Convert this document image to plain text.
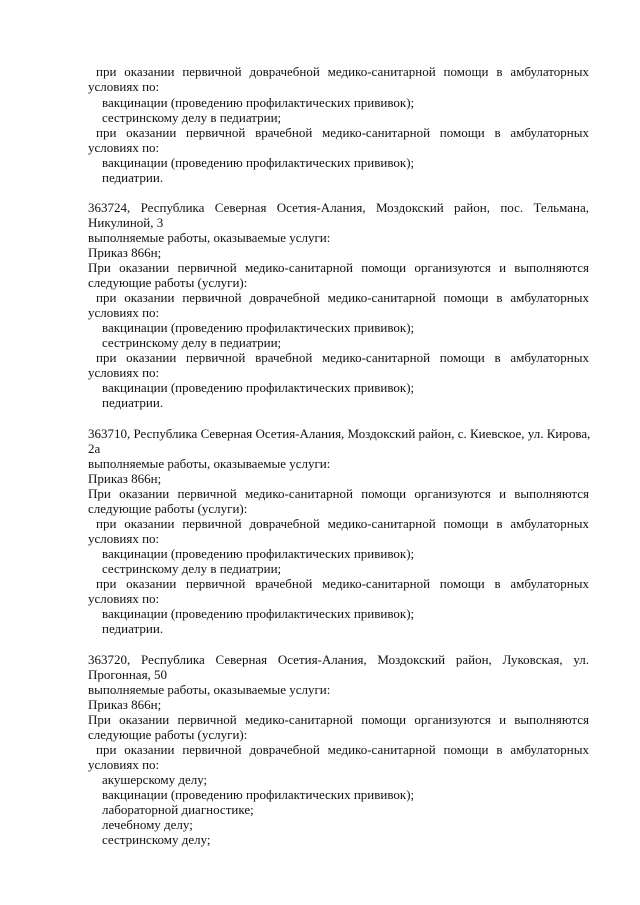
при оказании первичной доврачебной медико-санитарной помощи в амбулаторных
условиях по:
вакцинации (проведению профилактических прививок);
сестринскому делу в педиатрии;
при оказании первичной врачебной медико-санитарной помощи в амбулаторных
условиях по:
вакцинации (проведению профилактических прививок);
педиатрии.
363724, Республика Северная Осетия-Алания, Моздокский район, пос. Тельмана,
Никулиной, 3
выполняемые работы, оказываемые услуги:
Приказ 866н;
При оказании первичной медико-санитарной помощи организуются и выполняются
следующие работы (услуги):
при оказании первичной доврачебной медико-санитарной помощи в амбулаторных
условиях по:
вакцинации (проведению профилактических прививок);
сестринскому делу в педиатрии;
при оказании первичной врачебной медико-санитарной помощи в амбулаторных
условиях по:
вакцинации (проведению профилактических прививок);
педиатрии.
363710, Республика Северная Осетия-Алания, Моздокский район, с. Киевское, ул. Кирова,
2а
выполняемые работы, оказываемые услуги:
Приказ 866н;
При оказании первичной медико-санитарной помощи организуются и выполняются
следующие работы (услуги):
при оказании первичной доврачебной медико-санитарной помощи в амбулаторных
условиях по:
вакцинации (проведению профилактических прививок);
сестринскому делу в педиатрии;
при оказании первичной врачебной медико-санитарной помощи в амбулаторных
условиях по:
вакцинации (проведению профилактических прививок);
педиатрии.
363720, Республика Северная Осетия-Алания, Моздокский район, Луковская, ул.
Прогонная, 50
выполняемые работы, оказываемые услуги:
Приказ 866н;
При оказании первичной медико-санитарной помощи организуются и выполняются
следующие работы (услуги):
при оказании первичной доврачебной медико-санитарной помощи в амбулаторных
условиях по:
акушерскому делу;
вакцинации (проведению профилактических прививок);
лабораторной диагностике;
лечебному делу;
сестринскому делу;
